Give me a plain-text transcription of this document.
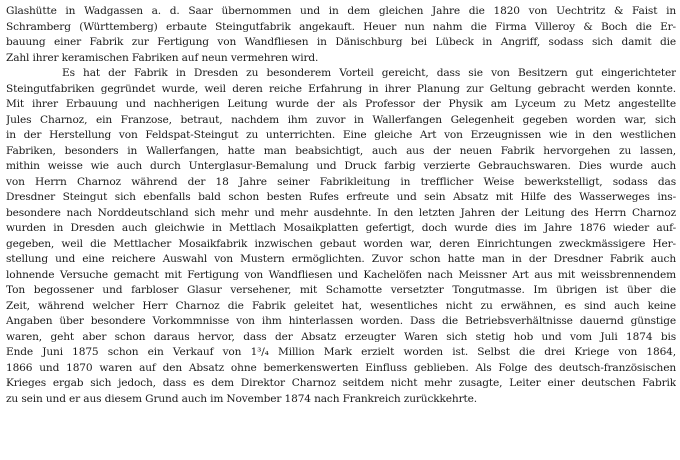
Glashütte in Wadgassen a. d. Saar übernommen und in dem gleichen Jahre die 1820 von Uechtritz & Faist in
Schramberg (Württemberg) erbaute Steingutfabrik angekauft. Heuer nun nahm die Firma Villeroy & Boch die Er-
bauung einer Fabrik zur Fertigung von Wandfliesen in Dänischburg bei Lübeck in Angriff, sodass sich damit die
Zahl ihrer keramischen Fabriken auf neun vermehren wird.
Es hat der Fabrik in Dresden zu besonderem Vorteil gereicht, dass sie von Besitzern gut eingerichteter
Steingutfabriken gegründet wurde, weil deren reiche Erfahrung in ihrer Planung zur Geltung gebracht werden konnte.
Mit ihrer Erbauung und nachherigen Leitung wurde der als Professor der Physik am Lyceum zu Metz angestellte
Jules Charnoz, ein Franzose, betraut, nachdem ihm zuvor in Wallerfangen Gelegenheit gegeben worden war, sich
in der Herstellung von Feldspat-Steingut zu unterrichten. Eine gleiche Art von Erzeugnissen wie in den westlichen
Fabriken, besonders in Wallerfangen, hatte man beabsichtigt, auch aus der neuen Fabrik hervorgehen zu lassen,
mithin weisse wie auch durch Unterglasur-Bemalung und Druck farbig verzierte Gebrauchswaren. Dies wurde auch
von Herrn Charnoz während der 18 Jahre seiner Fabrikleitung in trefflicher Weise bewerkstelligt, sodass das
Dresdner Steingut sich ebenfalls bald schon besten Rufes erfreute und sein Absatz mit Hilfe des Wasserweges ins-
besondere nach Norddeutschland sich mehr und mehr ausdehnte. In den letzten Jahren der Leitung des Herrn Charnoz
wurden in Dresden auch gleichwie in Mettlach Mosaikplatten gefertigt, doch wurde dies im Jahre 1876 wieder auf-
gegeben, weil die Mettlacher Mosaikfabrik inzwischen gebaut worden war, deren Einrichtungen zweckmässigere Her-
stellung und eine reichere Auswahl von Mustern ermöglichten. Zuvor schon hatte man in der Dresdner Fabrik auch
lohnende Versuche gemacht mit Fertigung von Wandfliesen und Kachelöfen nach Meissner Art aus mit weissbrennendem
Ton begossener und farbloser Glasur versehener, mit Schamotte versetzter Tongutmasse. Im übrigen ist über die
Zeit, während welcher Herr Charnoz die Fabrik geleitet hat, wesentliches nicht zu erwähnen, es sind auch keine
Angaben über besondere Vorkommnisse von ihm hinterlassen worden. Dass die Betriebsverhältnisse dauernd günstige
waren, geht aber schon daraus hervor, dass der Absatz erzeugter Waren sich stetig hob und vom Juli 1874 bis
Ende Juni 1875 schon ein Verkauf von 1³/₄ Million Mark erzielt worden ist. Selbst die drei Kriege von 1864,
1866 und 1870 waren auf den Absatz ohne bemerkenswerten Einfluss geblieben. Als Folge des deutsch-französischen
Krieges ergab sich jedoch, dass es dem Direktor Charnoz seitdem nicht mehr zusagte, Leiter einer deutschen Fabrik
zu sein und er aus diesem Grund auch im November 1874 nach Frankreich zurückkehrte.
